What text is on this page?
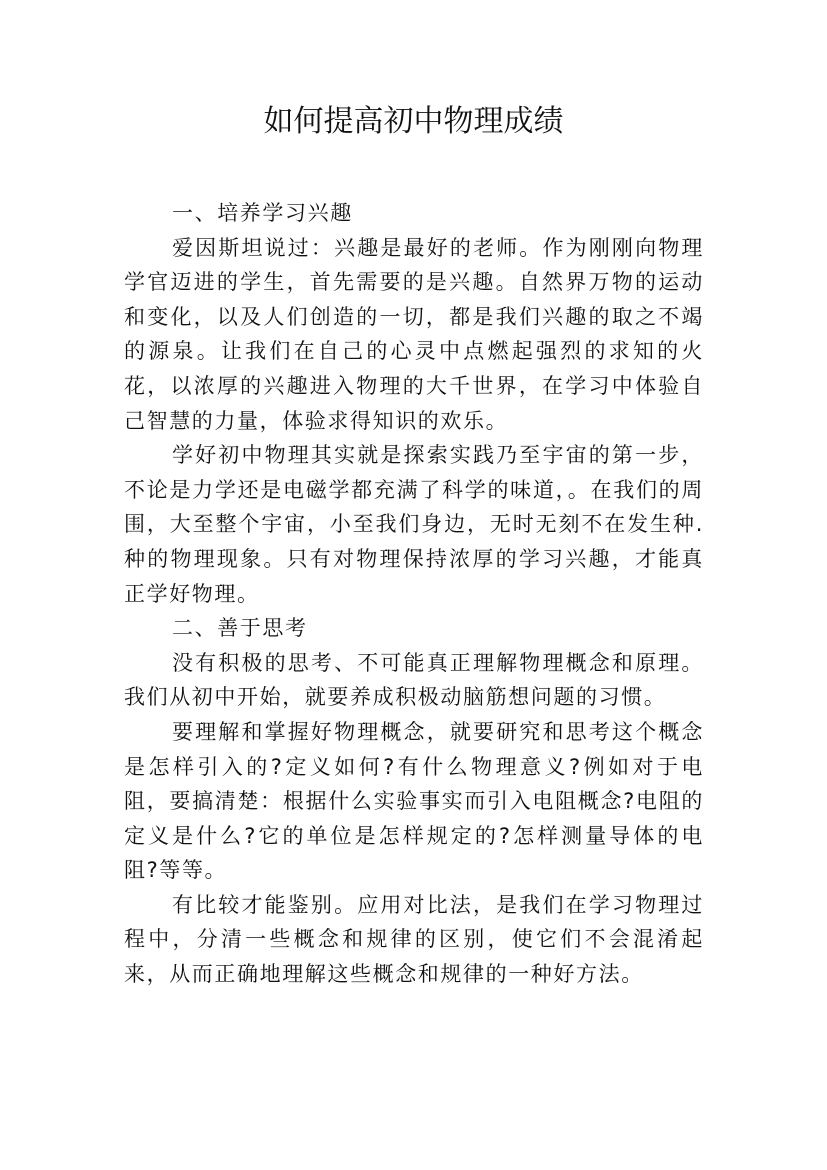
如何提高初中物理成绩

一、培养学习兴趣

爱因斯坦说过：兴趣是最好的老师。作为刚刚向物理学官迈进的学生，首先需要的是兴趣。自然界万物的运动和变化，以及人们创造的一切，都是我们兴趣的取之不竭的源泉。让我们在自己的心灵中点燃起强烈的求知的火花，以浓厚的兴趣进入物理的大千世界，在学习中体验自己智慧的力量，体验求得知识的欢乐。

学好初中物理其实就是探索实践乃至宇宙的第一步，不论是力学还是电磁学都充满了科学的味道，。在我们的周围，大至整个宇宙，小至我们身边，无时无刻不在发生种.种的物理现象。只有对物理保持浓厚的学习兴趣，才能真正学好物理。

二、善于思考

没有积极的思考、不可能真正理解物理概念和原理。我们从初中开始，就要养成积极动脑筋想问题的习惯。

要理解和掌握好物理概念，就要研究和思考这个概念是怎样引入的?定义如何?有什么物理意义?例如对于电阻，要搞清楚：根据什么实验事实而引入电阻概念?电阻的定义是什么?它的单位是怎样规定的?怎样测量导体的电阻?等等。

有比较才能鉴别。应用对比法，是我们在学习物理过程中，分清一些概念和规律的区别，使它们不会混淆起来，从而正确地理解这些概念和规律的一种好方法。
